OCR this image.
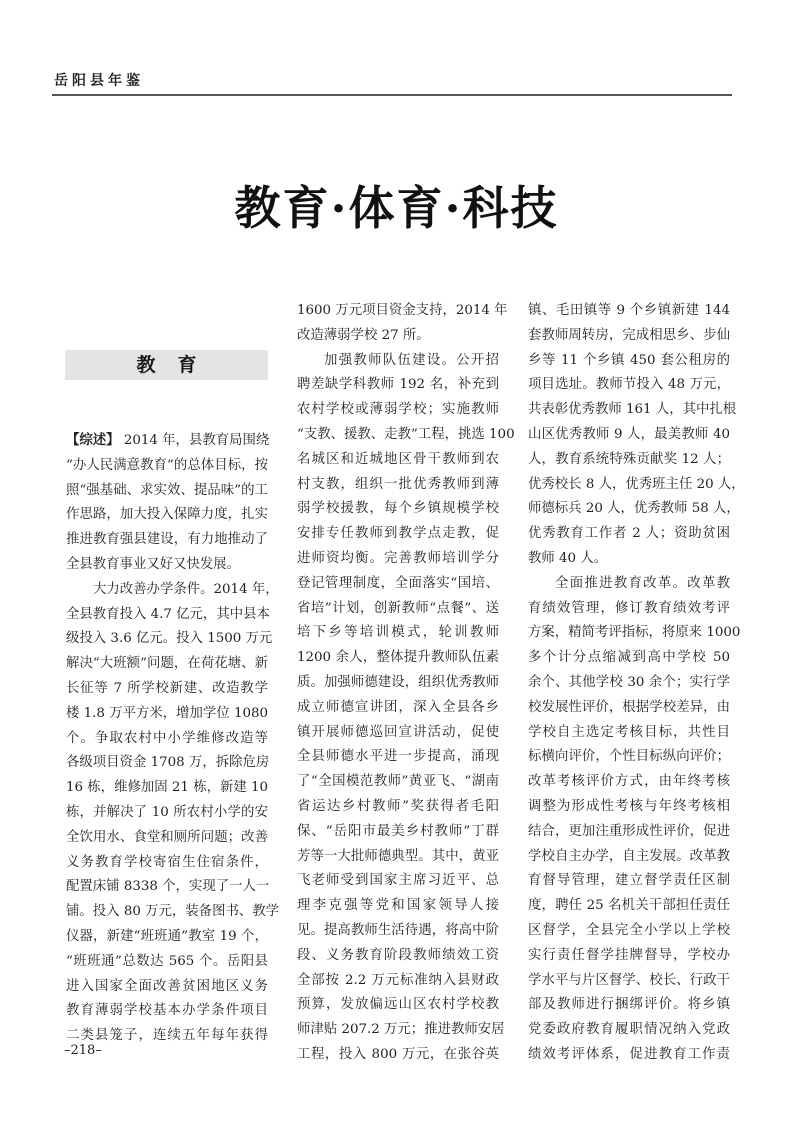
岳阳县年鉴
教育·体育·科技
教育
【综述】 2014 年，县教育局围绕
“办人民满意教育”的总体目标，按
照“强基础、求实效、提品味”的工
作思路，加大投入保障力度，扎实
推进教育强县建设，有力地推动了
全县教育事业又好又快发展。
大力改善办学条件。2014 年，
全县教育投入 4.7 亿元，其中县本
级投入 3.6 亿元。投入 1500 万元
解决“大班额”问题，在荷花塘、新
长征等 7 所学校新建、改造教学
楼 1.8 万平方米，增加学位 1080
个。争取农村中小学维修改造等
各级项目资金 1708 万，拆除危房
16 栋，维修加固 21 栋，新建 10
栋，并解决了 10 所农村小学的安
全饮用水、食堂和厕所问题；改善
义务教育学校寄宿生住宿条件，
配置床铺 8338 个，实现了一人一
铺。投入 80 万元，装备图书、教学
仪器，新建“班班通”教室 19 个，
“班班通”总数达 565 个。岳阳县
进入国家全面改善贫困地区义务
教育薄弱学校基本办学条件项目
二类县笼子，连续五年每年获得
1600 万元项目资金支持，2014 年
改造薄弱学校 27 所。
加强教师队伍建设。公开招
聘差缺学科教师 192 名，补充到
农村学校或薄弱学校；实施教师
“支教、援教、走教”工程，挑选 100
名城区和近城地区骨干教师到农
村支教，组织一批优秀教师到薄
弱学校援教，每个乡镇规模学校
安排专任教师到教学点走教，促
进师资均衡。完善教师培训学分
登记管理制度，全面落实“国培、
省培”计划，创新教师“点餐”、送
培下乡等培训模式，轮训教师
1200 余人，整体提升教师队伍素
质。加强师德建设，组织优秀教师
成立师德宣讲团，深入全县各乡
镇开展师德巡回宣讲活动，促使
全县师德水平进一步提高，涌现
了“全国模范教师”黄亚飞、“湖南
省运达乡村教师”奖获得者毛阳
保、“岳阳市最美乡村教师”丁群
芳等一大批师德典型。其中，黄亚
飞老师受到国家主席习近平、总
理李克强等党和国家领导人接
见。提高教师生活待遇，将高中阶
段、义务教育阶段教师绩效工资
全部按 2.2 万元标准纳入县财政
预算，发放偏远山区农村学校教
师津贴 207.2 万元；推进教师安居
工程，投入 800 万元，在张谷英
镇、毛田镇等 9 个乡镇新建 144
套教师周转房，完成相思乡、步仙
乡等 11 个乡镇 450 套公租房的
项目选址。教师节投入 48 万元，
共表彰优秀教师 161 人，其中扎根
山区优秀教师 9 人，最美教师 40
人，教育系统特殊贡献奖 12 人；
优秀校长 8 人，优秀班主任 20 人，
师德标兵 20 人，优秀教师 58 人，
优秀教育工作者 2 人；资助贫困
教师 40 人。
全面推进教育改革。改革教
育绩效管理，修订教育绩效考评
方案，精简考评指标，将原来 1000
多个计分点缩减到高中学校 50
余个、其他学校 30 余个；实行学
校发展性评价，根据学校差异，由
学校自主选定考核目标，共性目
标横向评价，个性目标纵向评价；
改革考核评价方式，由年终考核
调整为形成性考核与年终考核相
结合，更加注重形成性评价，促进
学校自主办学，自主发展。改革教
育督导管理，建立督学责任区制
度，聘任 25 名机关干部担任责任
区督学，全县完全小学以上学校
实行责任督学挂牌督导，学校办
学水平与片区督学、校长、行政干
部及教师进行捆绑评价。将乡镇
党委政府教育履职情况纳入党政
绩效考评体系，促进教育工作责
–218–
